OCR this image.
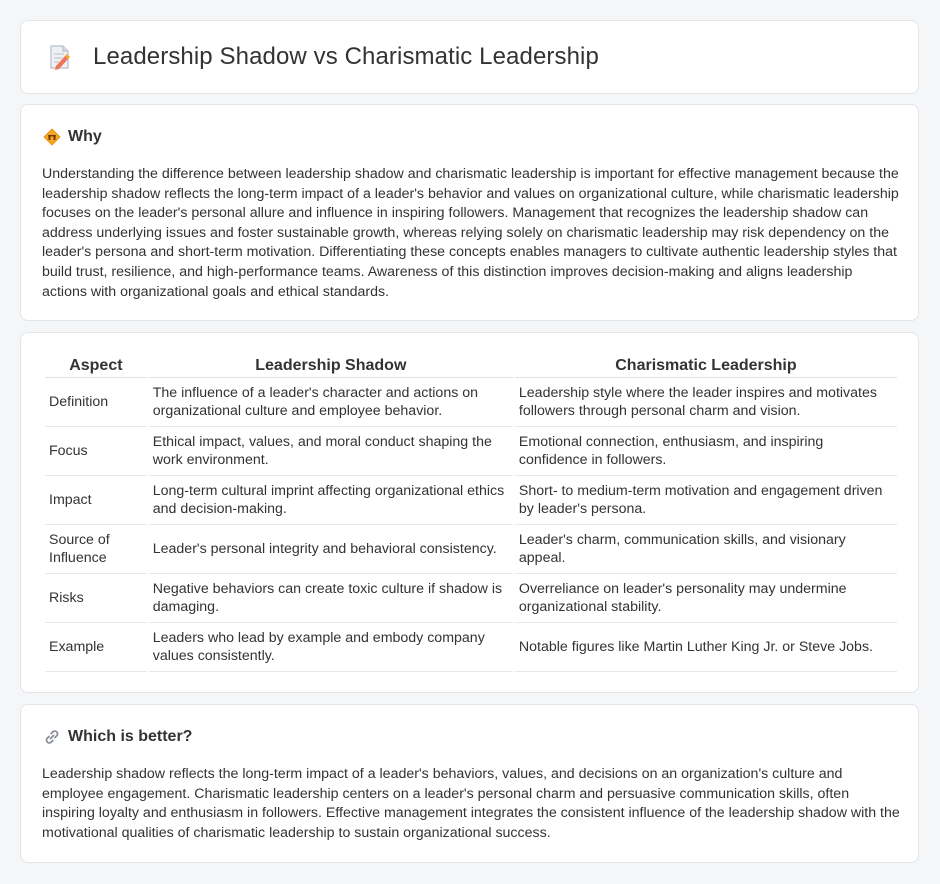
Leadership Shadow vs Charismatic Leadership
Why

Understanding the difference between leadership shadow and charismatic leadership is important for effective management because the leadership shadow reflects the long-term impact of a leader's behavior and values on organizational culture, while charismatic leadership focuses on the leader's personal allure and influence in inspiring followers. Management that recognizes the leadership shadow can address underlying issues and foster sustainable growth, whereas relying solely on charismatic leadership may risk dependency on the leader's persona and short-term motivation. Differentiating these concepts enables managers to cultivate authentic leadership styles that build trust, resilience, and high-performance teams. Awareness of this distinction improves decision-making and aligns leadership actions with organizational goals and ethical standards.

Aspect	Leadership Shadow	Charismatic Leadership
Definition	The influence of a leader's character and actions on organizational culture and employee behavior.	Leadership style where the leader inspires and motivates followers through personal charm and vision.
Focus	Ethical impact, values, and moral conduct shaping the work environment.	Emotional connection, enthusiasm, and inspiring confidence in followers.
Impact	Long-term cultural imprint affecting organizational ethics and decision-making.	Short- to medium-term motivation and engagement driven by leader's persona.
Source of Influence	Leader's personal integrity and behavioral consistency.	Leader's charm, communication skills, and visionary appeal.
Risks	Negative behaviors can create toxic culture if shadow is damaging.	Overreliance on leader's personality may undermine organizational stability.
Example	Leaders who lead by example and embody company values consistently.	Notable figures like Martin Luther King Jr. or Steve Jobs.
Which is better?

Leadership shadow reflects the long-term impact of a leader's behaviors, values, and decisions on an organization's culture and employee engagement. Charismatic leadership centers on a leader's personal charm and persuasive communication skills, often inspiring loyalty and enthusiasm in followers. Effective management integrates the consistent influence of the leadership shadow with the motivational qualities of charismatic leadership to sustain organizational success.
